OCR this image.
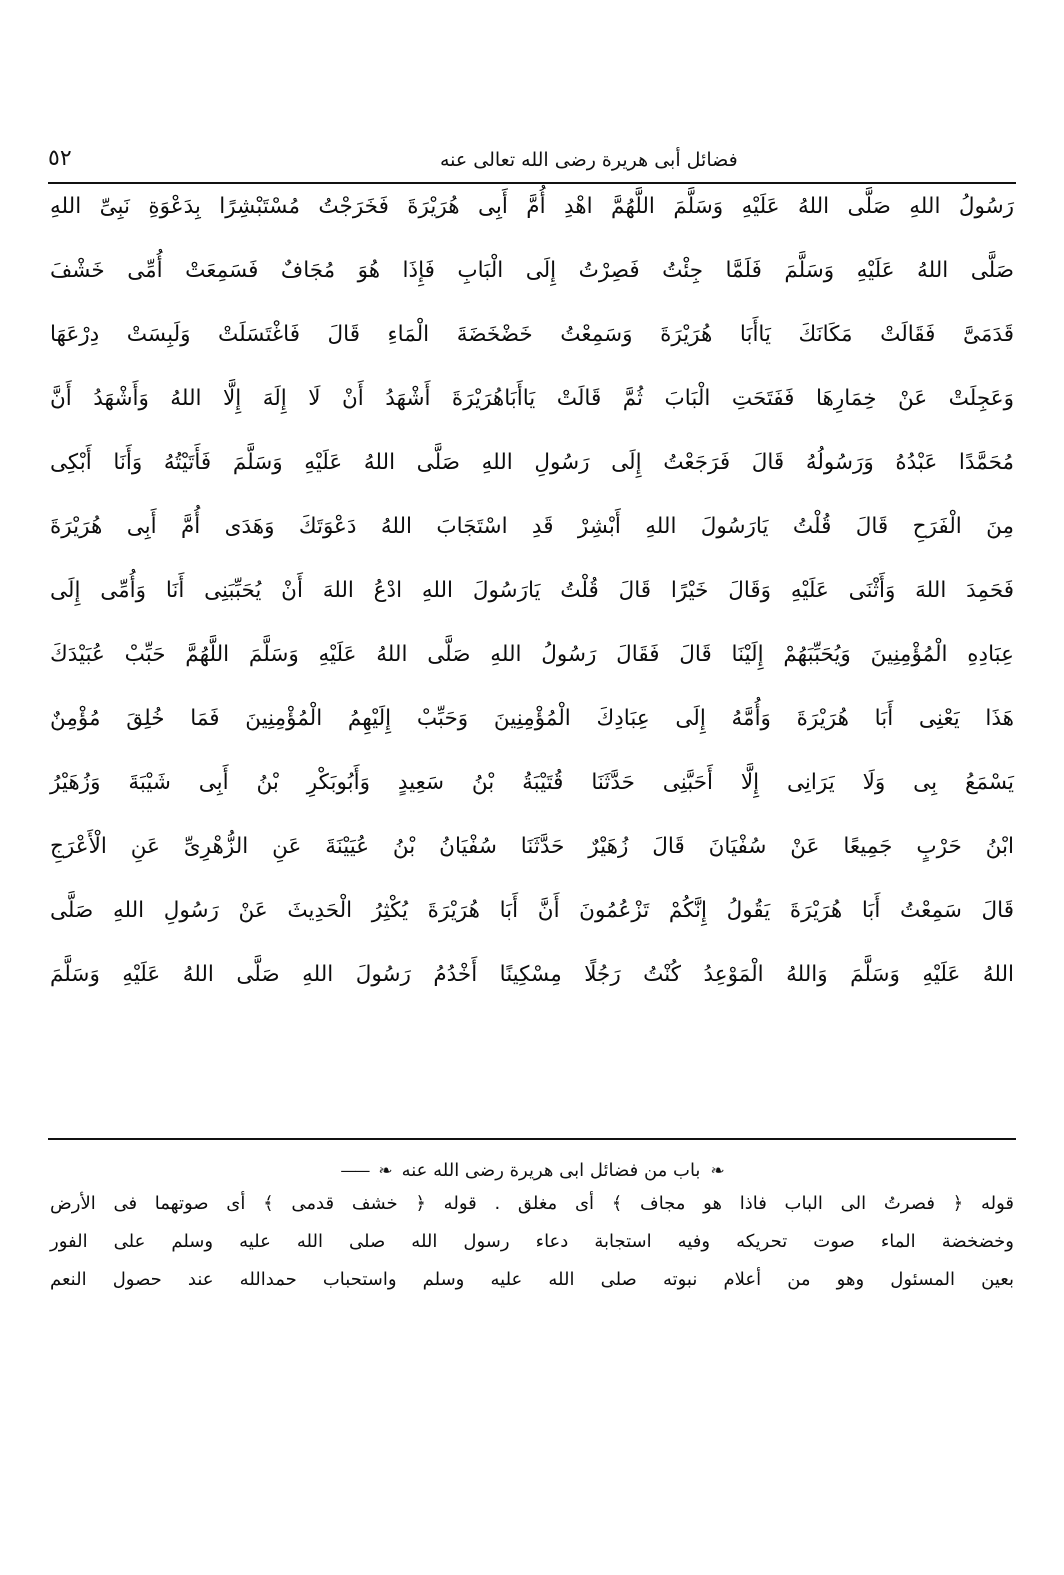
٥٢	فضائل أبى هريرة رضى الله تعالى عنه
رَسُولُ اللهِ صَلَّى اللهُ عَلَيْهِ وَسَلَّمَ اللَّهُمَّ اهْدِ أُمَّ أَبِى هُرَيْرَةَ فَخَرَجْتُ مُسْتَبْشِرًا بِدَعْوَةِ نَبِىِّ اللهِ
صَلَّى اللهُ عَلَيْهِ وَسَلَّمَ فَلَمَّا جِئْتُ فَصِرْتُ إِلَى الْبَابِ فَإِذَا هُوَ مُجَافٌ فَسَمِعَتْ أُمِّى خَشْفَ
قَدَمَىَّ فَقَالَتْ مَكَانَكَ يَاأَبَا هُرَيْرَةَ وَسَمِعْتُ خَضْخَضَةَ الْمَاءِ قَالَ فَاغْتَسَلَتْ وَلَبِسَتْ دِرْعَهَا
وَعَجِلَتْ عَنْ خِمَارِهَا فَفَتَحَتِ الْبَابَ ثُمَّ قَالَتْ يَاأَبَاهُرَيْرَةَ أَشْهَدُ أَنْ لَا إِلَهَ إِلَّا اللهُ وَأَشْهَدُ أَنَّ
مُحَمَّدًا عَبْدُهُ وَرَسُولُهُ قَالَ فَرَجَعْتُ إِلَى رَسُولِ اللهِ صَلَّى اللهُ عَلَيْهِ وَسَلَّمَ فَأَتَيْتُهُ وَأَنَا أَبْكِى
مِنَ الْفَرَحِ قَالَ قُلْتُ يَارَسُولَ اللهِ أَبْشِرْ قَدِ اسْتَجَابَ اللهُ دَعْوَتَكَ وَهَدَى أُمَّ أَبِى هُرَيْرَةَ
فَحَمِدَ اللهَ وَأَثْنَى عَلَيْهِ وَقَالَ خَيْرًا قَالَ قُلْتُ يَارَسُولَ اللهِ ادْعُ اللهَ أَنْ يُحَبِّبَنِى أَنَا وَأُمِّى إِلَى
عِبَادِهِ الْمُؤْمِنِينَ وَيُحَبِّبَهُمْ إِلَيْنَا قَالَ فَقَالَ رَسُولُ اللهِ صَلَّى اللهُ عَلَيْهِ وَسَلَّمَ اللَّهُمَّ حَبِّبْ عُبَيْدَكَ
هَذَا يَعْنِى أَبَا هُرَيْرَةَ وَأُمَّهُ إِلَى عِبَادِكَ الْمُؤْمِنِينَ وَحَبِّبْ إِلَيْهِمُ الْمُؤْمِنِينَ فَمَا خُلِقَ مُؤْمِنٌ
يَسْمَعُ بِى وَلَا يَرَانِى إِلَّا أَحَبَّنِى حَدَّثَنَا قُتَيْبَةُ بْنُ سَعِيدٍ وَأَبُوبَكْرِ بْنُ أَبِى شَيْبَةَ وَزُهَيْرُ
ابْنُ حَرْبٍ جَمِيعًا عَنْ سُفْيَانَ قَالَ زُهَيْرٌ حَدَّثَنَا سُفْيَانُ بْنُ عُيَيْنَةَ عَنِ الزُّهْرِىِّ عَنِ الْأَعْرَجِ
قَالَ سَمِعْتُ أَبَا هُرَيْرَةَ يَقُولُ إِنَّكُمْ تَزْعُمُونَ أَنَّ أَبَا هُرَيْرَةَ يُكْثِرُ الْحَدِيثَ عَنْ رَسُولِ اللهِ صَلَّى
اللهُ عَلَيْهِ وَسَلَّمَ وَاللهُ الْمَوْعِدُ كُنْتُ رَجُلًا مِسْكِينًا أَخْدُمُ رَسُولَ اللهِ صَلَّى اللهُ عَلَيْهِ وَسَلَّمَ
❧
باب من فضائل ابى هريرة رضى الله عنه
❧
——
قوله ﴿ فصرتُ الى الباب فاذا هو مجاف ﴾ أى مغلق . قوله ﴿ خشف قدمى ﴾ أى صوتهما فى الأرض
وخضخضة الماء صوت تحريكه وفيه استجابة دعاء رسول الله صلى الله عليه وسلم على الفور
بعين المسئول وهو من أعلام نبوته صلى الله عليه وسلم واستحباب حمدالله عند حصول النعم
